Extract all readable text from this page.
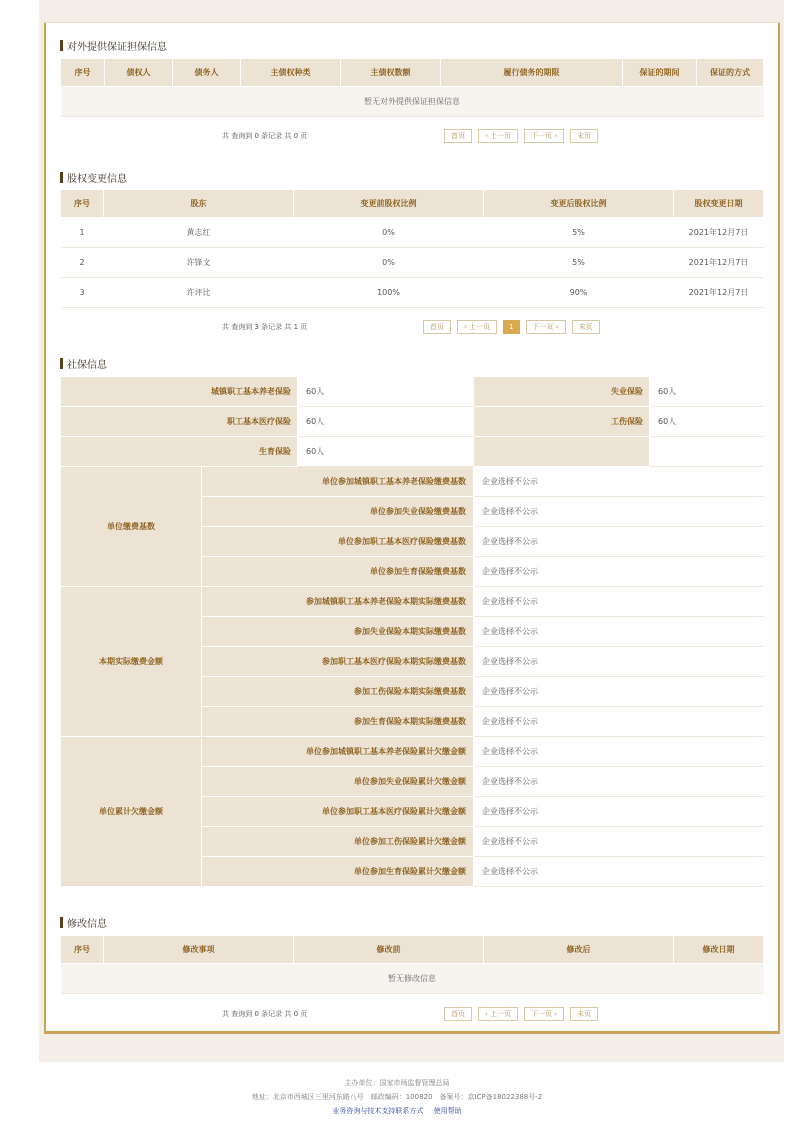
对外提供保证担保信息
序号	债权人	债务人	主债权种类	主债权数额	履行债务的期限	保证的期间	保证的方式
暂无对外提供保证担保信息
共 查询到 0 条记录 共 0 页	首页	‹ 上一页	下一页 ›	末页
股权变更信息
序号	股东	变更前股权比例	变更后股权比例	股权变更日期
1	黄志红	0%	5%	2021年12月7日
2	许锋文	0%	5%	2021年12月7日
3	许评比	100%	90%	2021年12月7日
共 查询到 3 条记录 共 1 页	首页	‹ 上一页	1	下一页 ›	末页
社保信息
城镇职工基本养老保险		60人	失业保险	60人
职工基本医疗保险		60人	工伤保险	60人
生育保险		60人		
单位缴费基数	单位参加城镇职工基本养老保险缴费基数		企业选择不公示	
	单位参加失业保险缴费基数		企业选择不公示	
	单位参加职工基本医疗保险缴费基数		企业选择不公示	
	单位参加生育保险缴费基数		企业选择不公示	
本期实际缴费金额	参加城镇职工基本养老保险本期实际缴费基数		企业选择不公示	
	参加失业保险本期实际缴费基数		企业选择不公示	
	参加职工基本医疗保险本期实际缴费基数		企业选择不公示	
	参加工伤保险本期实际缴费基数		企业选择不公示	
	参加生育保险本期实际缴费基数		企业选择不公示	
单位累计欠缴金额	单位参加城镇职工基本养老保险累计欠缴金额		企业选择不公示	
	单位参加失业保险累计欠缴金额		企业选择不公示	
	单位参加职工基本医疗保险累计欠缴金额		企业选择不公示	
	单位参加工伤保险累计欠缴金额		企业选择不公示	
	单位参加生育保险累计欠缴金额		企业选择不公示	
修改信息
序号	修改事项	修改前	修改后	修改日期
暂无修改信息
共 查询到 0 条记录 共 0 页	首页	‹ 上一页	下一页 ›	末页
主办单位：国家市场监督管理总局
地址：北京市西城区三里河东路八号　邮政编码：100820　备案号：京ICP备18022388号-2
业务咨询与技术支持联系方式 使用帮助
